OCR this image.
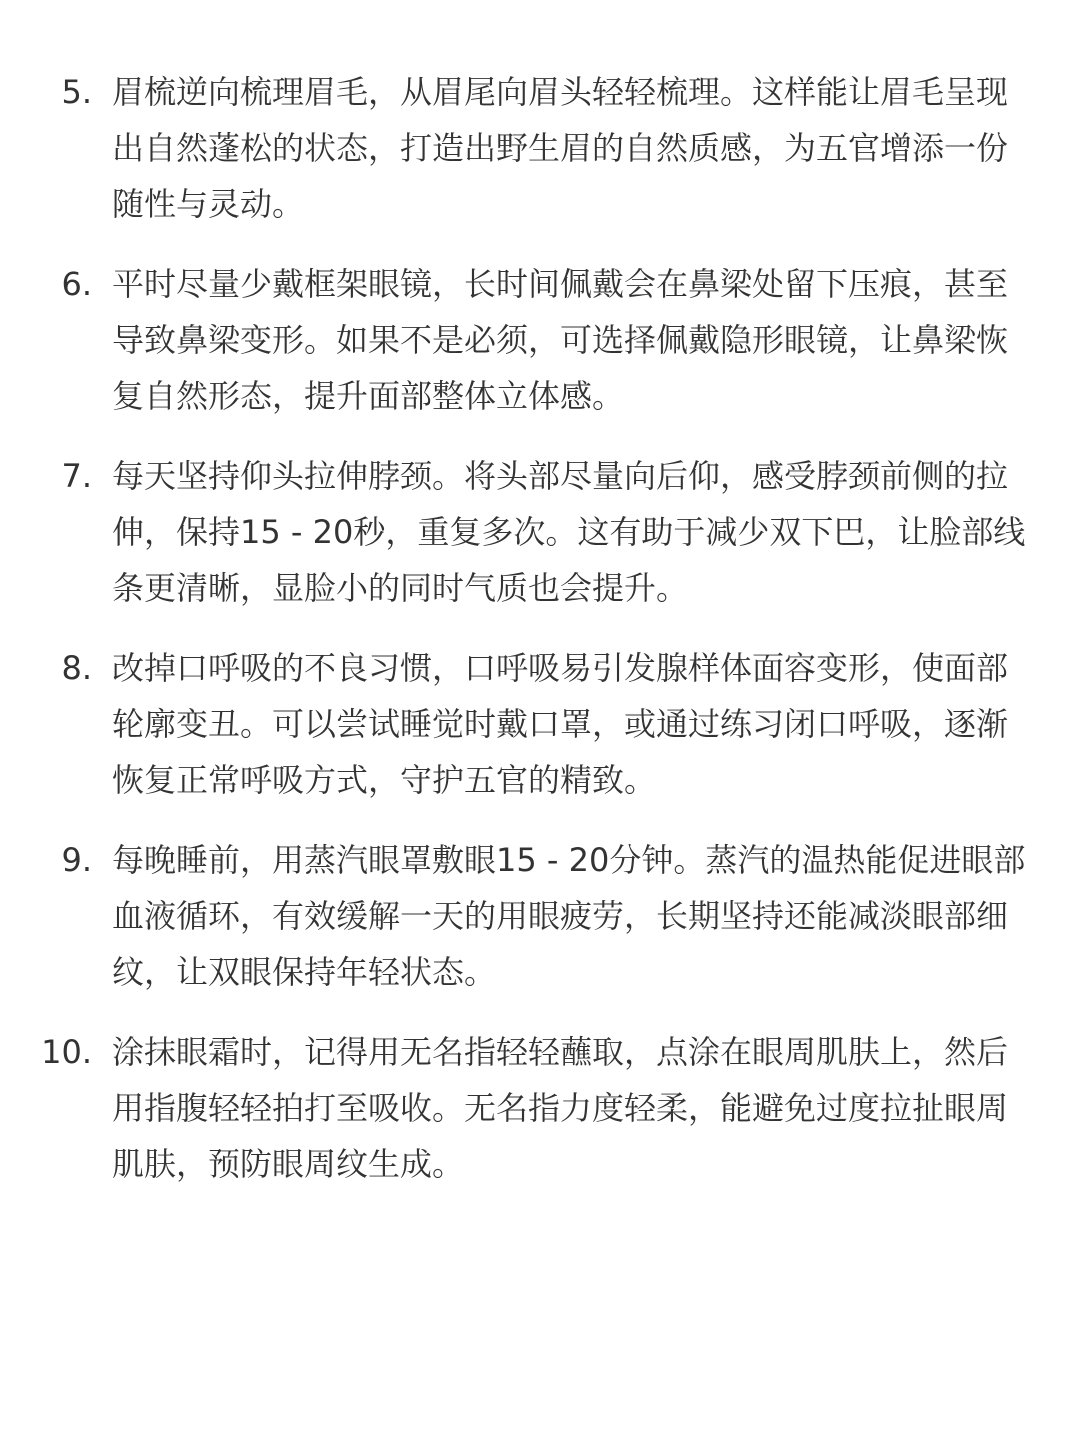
5. 眉梳逆向梳理眉毛，从眉尾向眉头轻轻梳理。这样能让眉毛呈现
出自然蓬松的状态，打造出野生眉的自然质感，为五官增添一份
随性与灵动。
6. 平时尽量少戴框架眼镜，长时间佩戴会在鼻梁处留下压痕，甚至
导致鼻梁变形。如果不是必须，可选择佩戴隐形眼镜，让鼻梁恢
复自然形态，提升面部整体立体感。
7. 每天坚持仰头拉伸脖颈。将头部尽量向后仰，感受脖颈前侧的拉
伸，保持15 - 20秒，重复多次。这有助于减少双下巴，让脸部线
条更清晰，显脸小的同时气质也会提升。
8. 改掉口呼吸的不良习惯，口呼吸易引发腺样体面容变形，使面部
轮廓变丑。可以尝试睡觉时戴口罩，或通过练习闭口呼吸，逐渐
恢复正常呼吸方式，守护五官的精致。
9. 每晚睡前，用蒸汽眼罩敷眼15 - 20分钟。蒸汽的温热能促进眼部
血液循环，有效缓解一天的用眼疲劳，长期坚持还能减淡眼部细
纹，让双眼保持年轻状态。
10. 涂抹眼霜时，记得用无名指轻轻蘸取，点涂在眼周肌肤上，然后
用指腹轻轻拍打至吸收。无名指力度轻柔，能避免过度拉扯眼周
肌肤，预防眼周纹生成。
